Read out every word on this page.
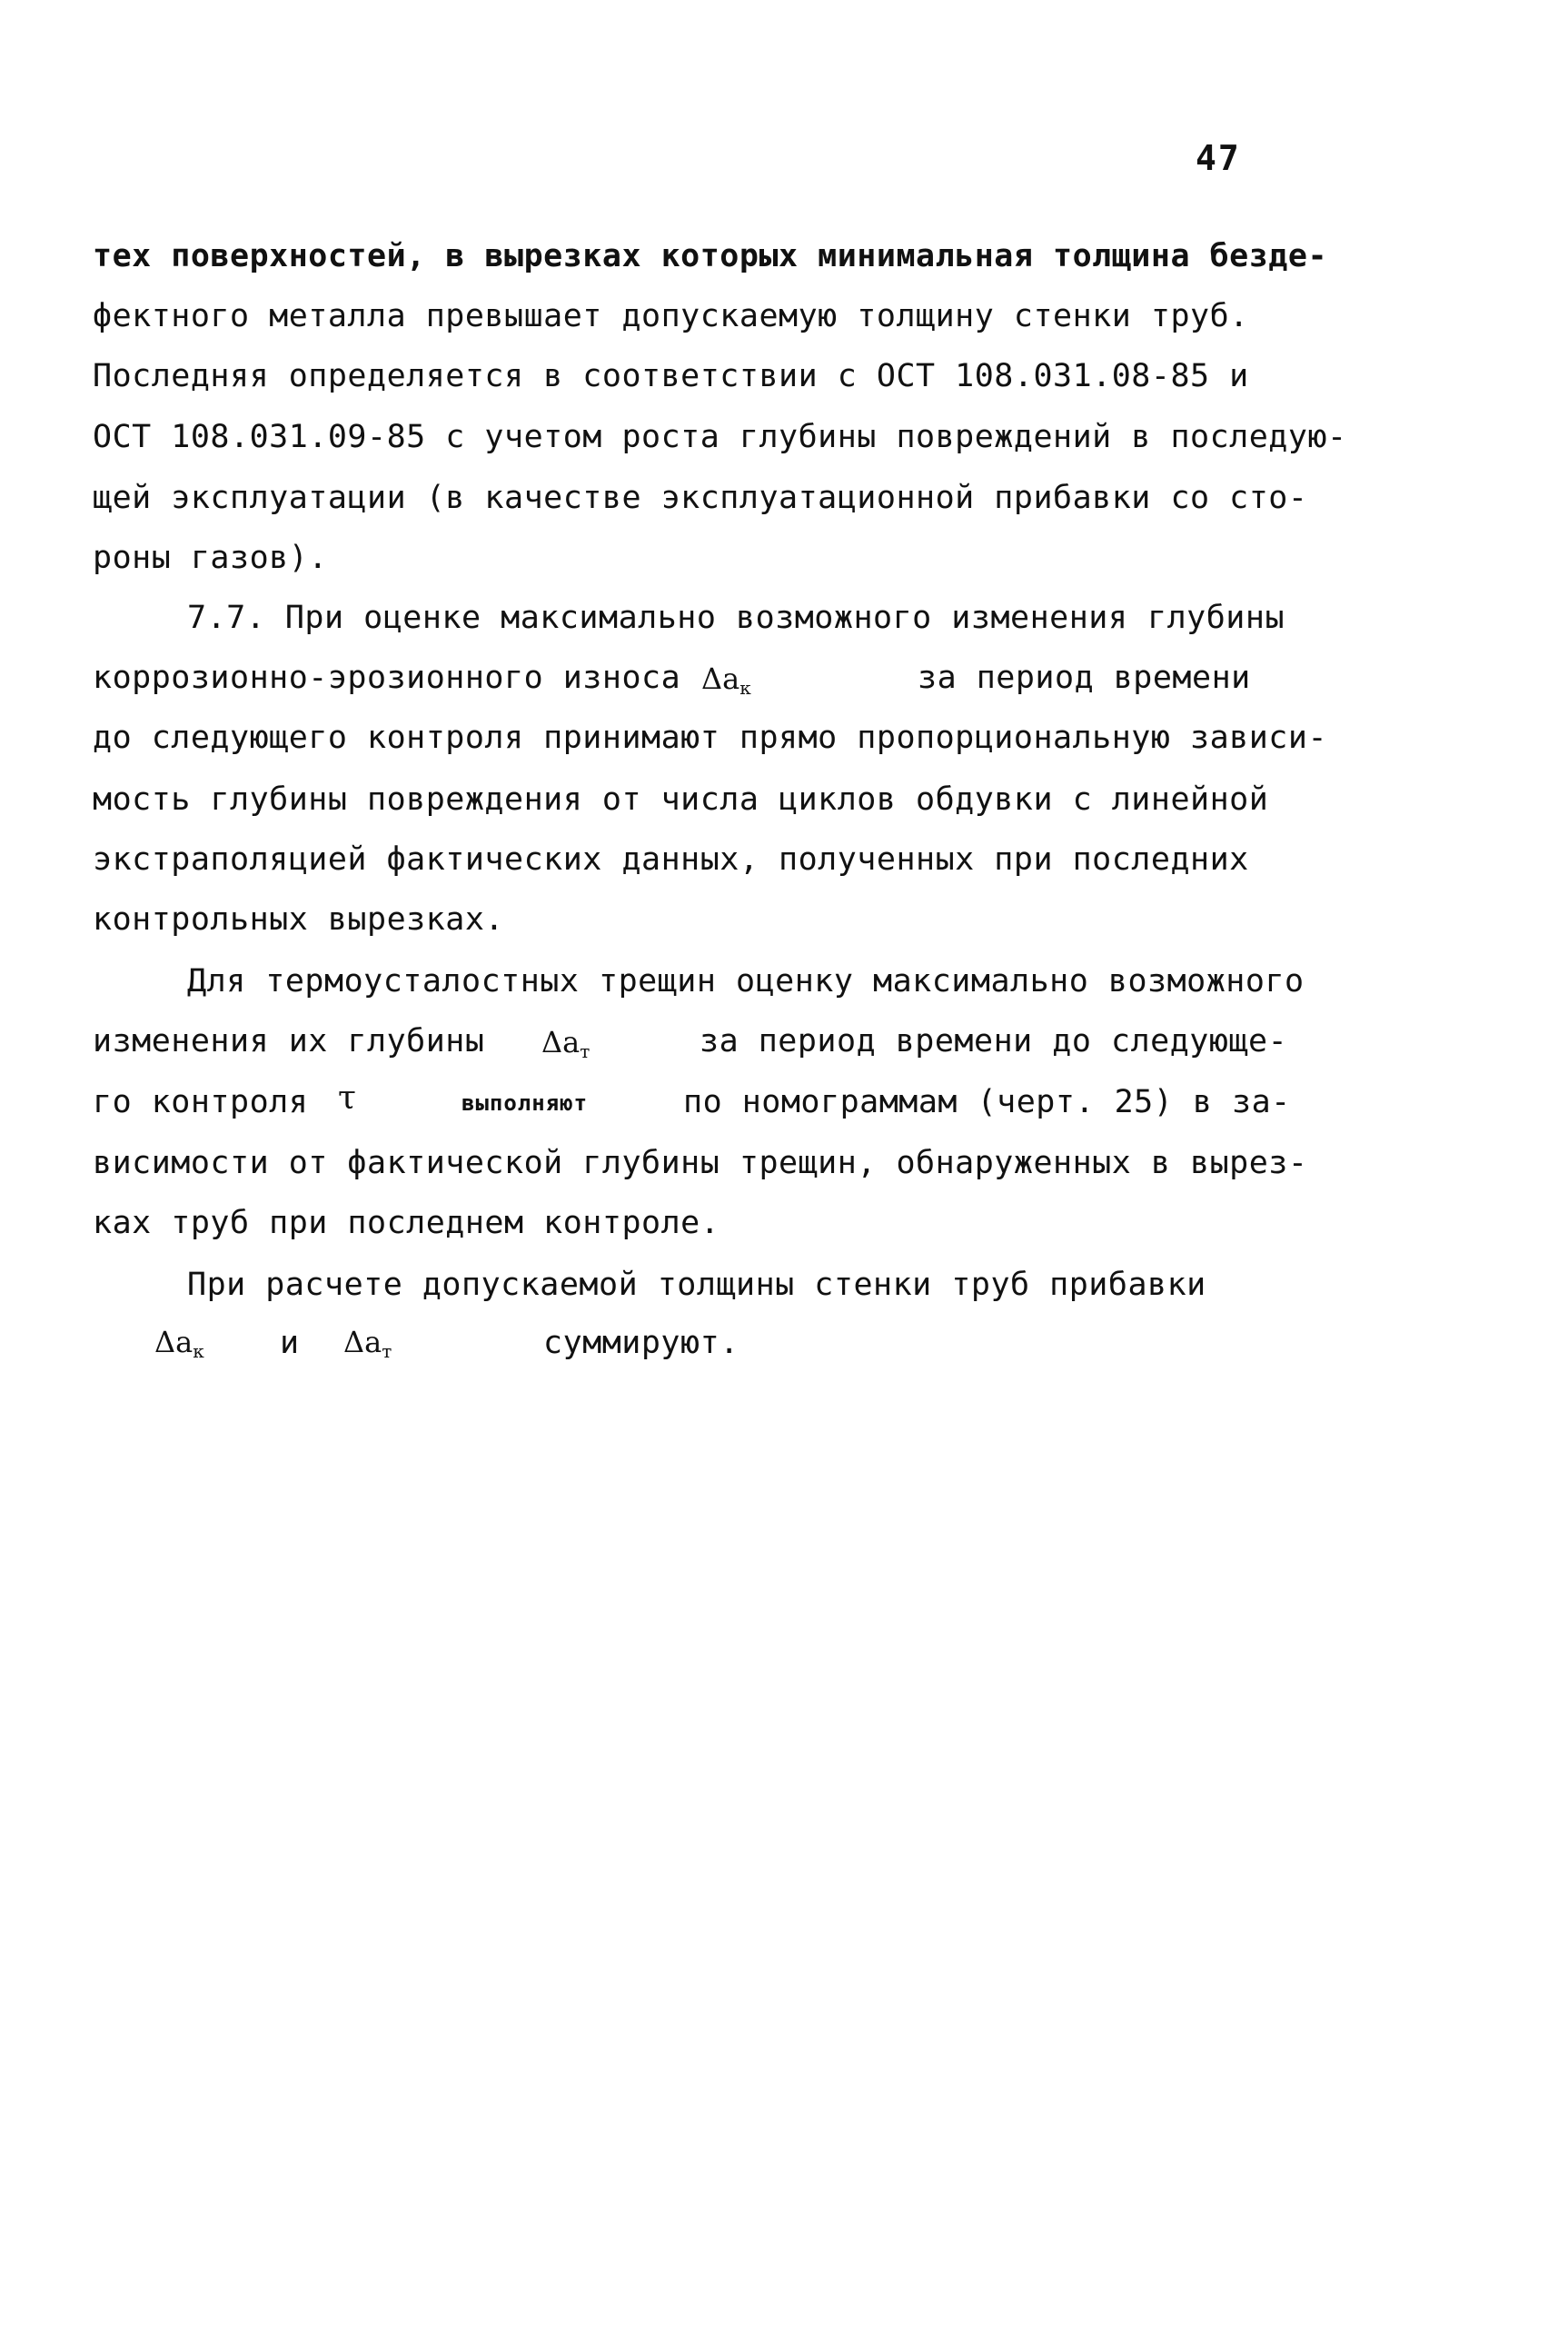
47
тех поверхностей, в вырезках которых минимальная толщина безде-
фектного металла превышает допускаемую толщину стенки труб.
Последняя определяется в соответствии с ОСТ 108.031.08-85 и
ОСТ 108.031.09-85 с учетом роста глубины повреждений в последую-
щей эксплуатации (в качестве эксплуатационной прибавки со сто-
роны газов).
7.7. При оценке максимально возможного изменения глубины
коррозионно-эрозионного износа $\Delta a_к$	за период времени
до следующего контроля принимают прямо пропорциональную зависи-
мость глубины повреждения от числа циклов обдувки с линейной
экстраполяцией фактических данных, полученных при последних
контрольных вырезках.
Для термоусталостных трещин оценку максимально возможного
изменения их глубины $\Delta a_т$	за период времени до следующе-
го контроля τ	выполняют	по номограммам (черт. 25) в за-
висимости от фактической глубины трещин, обнаруженных в вырез-
ках труб при последнем контроле.
При расчете допускаемой толщины стенки труб прибавки
$\Delta a_к$ и $\Delta a_т$	суммируют.
